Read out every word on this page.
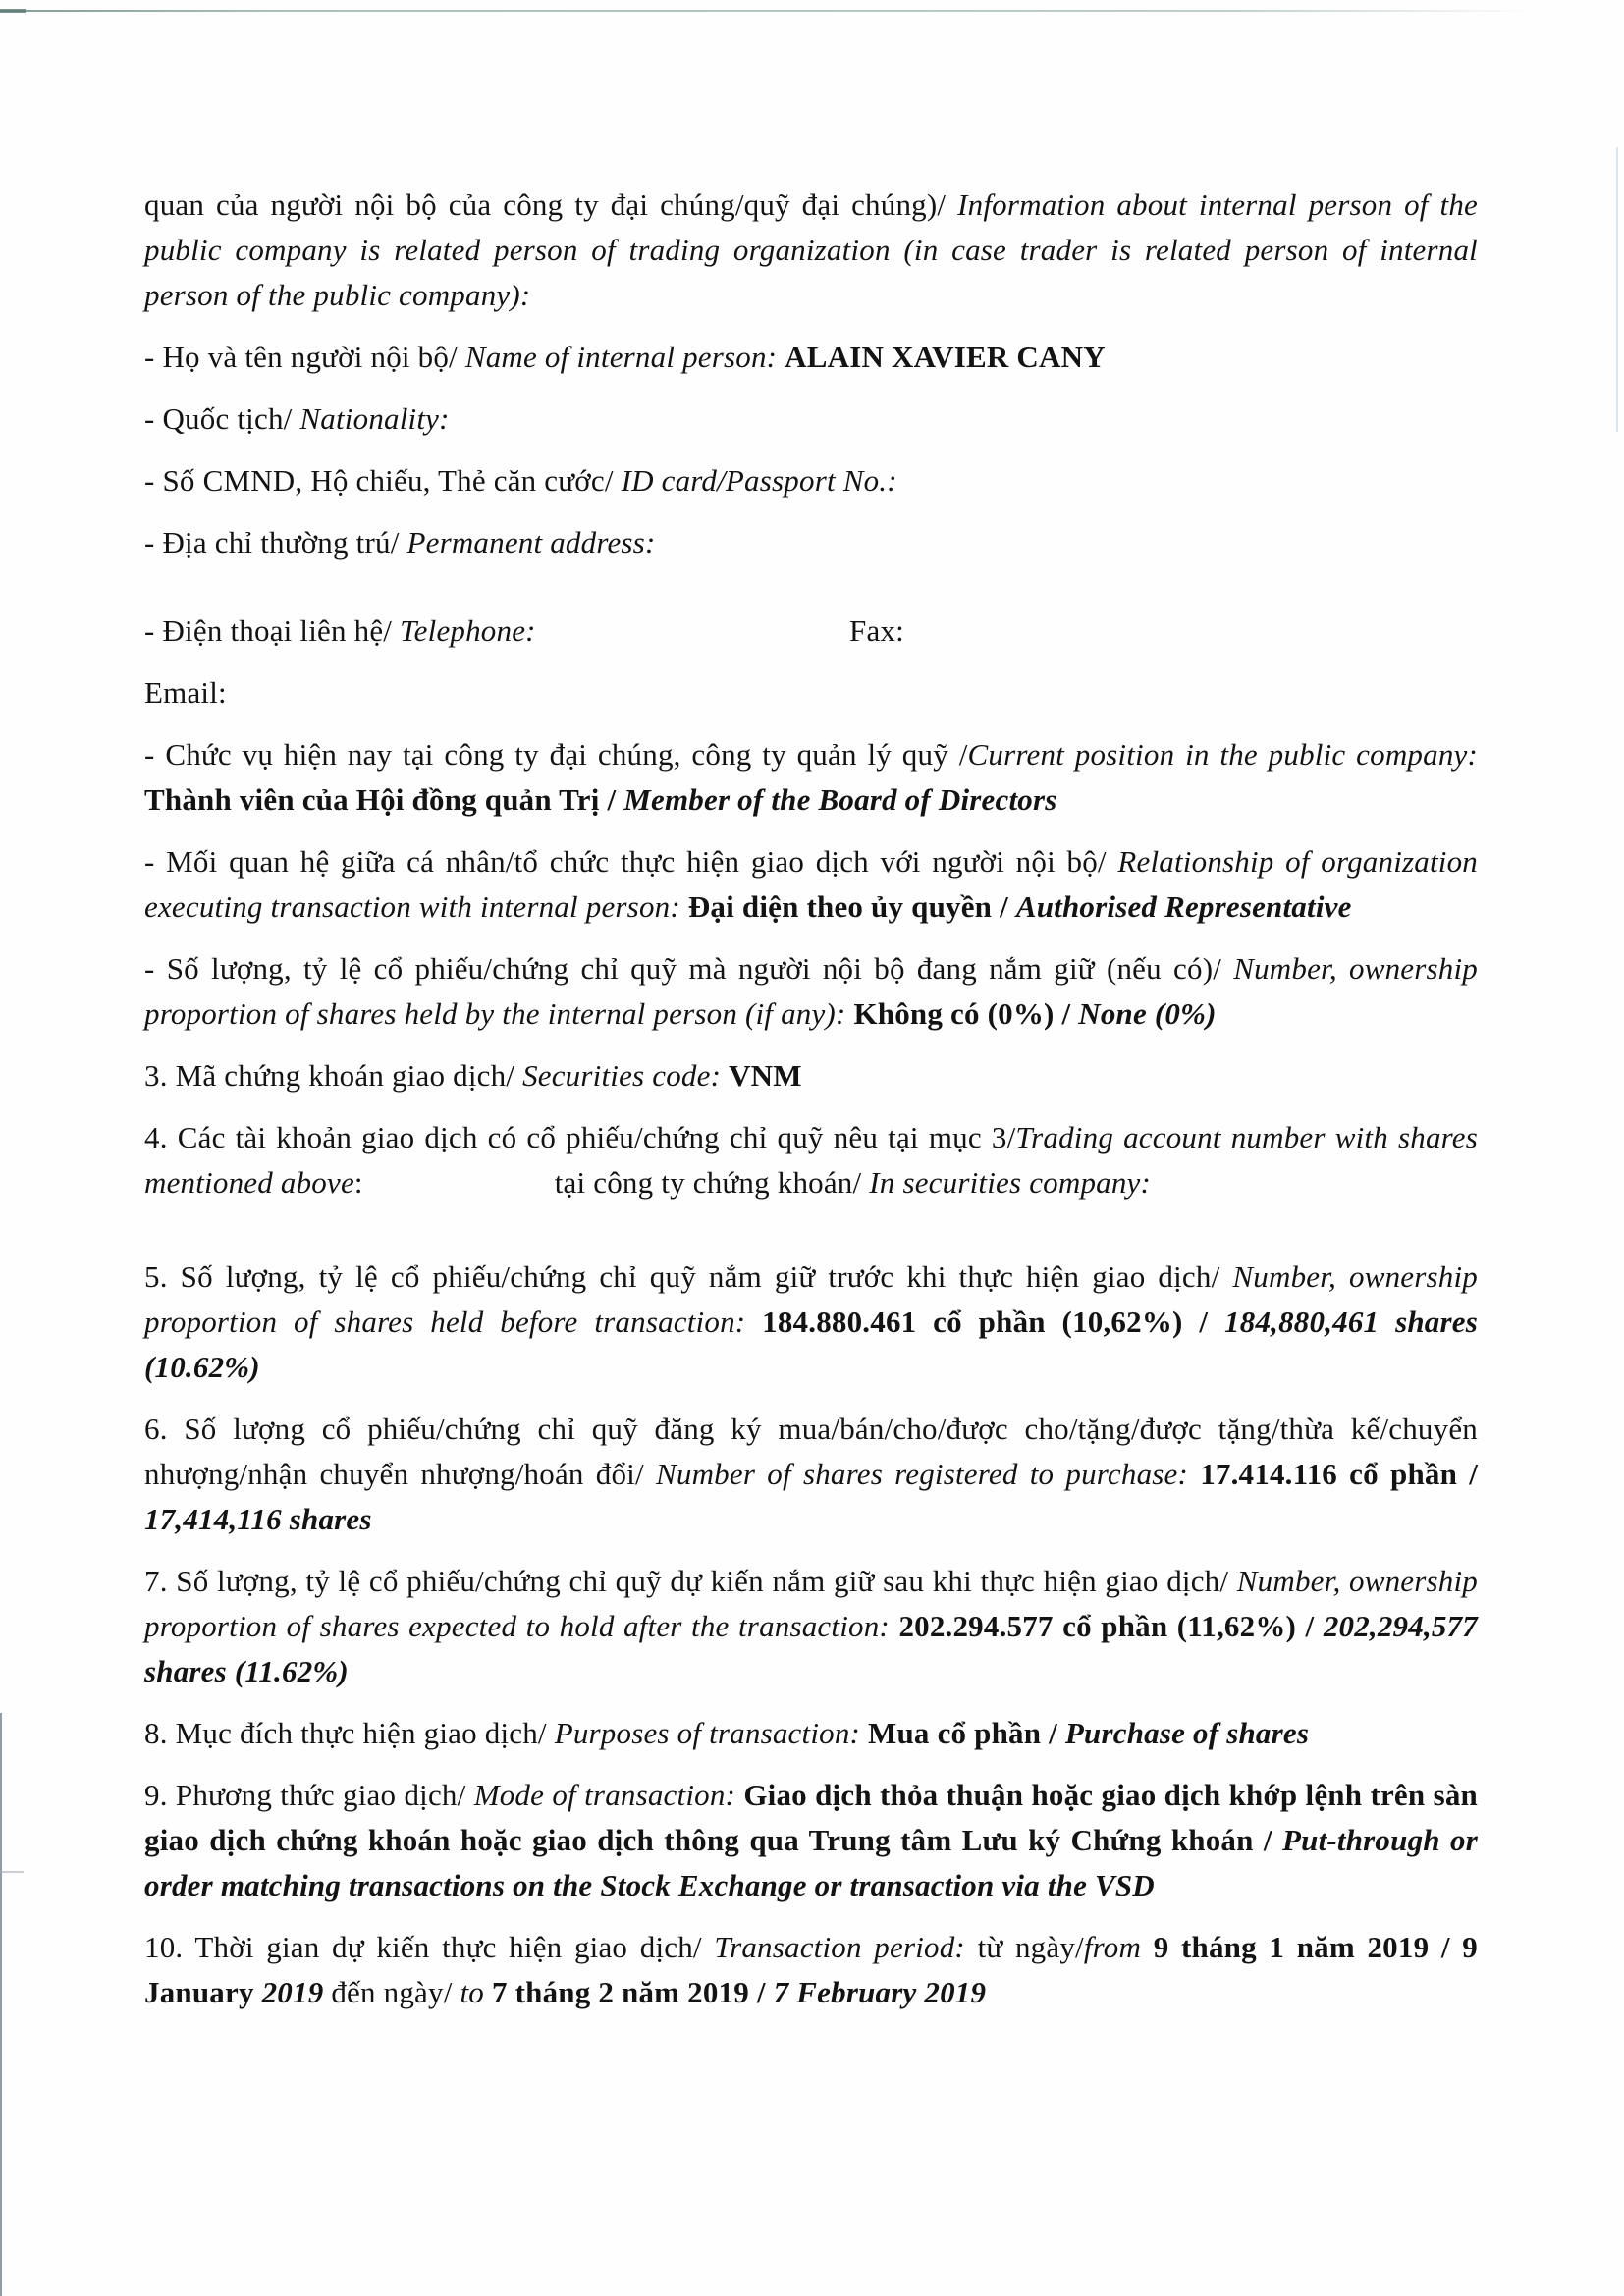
quan của người nội bộ của công ty đại chúng/quỹ đại chúng)/ Information about internal person of the public company is related person of trading organization (in case trader is related person of internal person of the public company):

- Họ và tên người nội bộ/ Name of internal person: ALAIN XAVIER CANY

- Quốc tịch/ Nationality:

- Số CMND, Hộ chiếu, Thẻ căn cước/ ID card/Passport No.:

- Địa chỉ thường trú/ Permanent address:

- Điện thoại liên hệ/ Telephone:	Fax:

Email:

- Chức vụ hiện nay tại công ty đại chúng, công ty quản lý quỹ /Current position in the public company: Thành viên của Hội đồng quản Trị / Member of the Board of Directors

- Mối quan hệ giữa cá nhân/tổ chức thực hiện giao dịch với người nội bộ/ Relationship of organization executing transaction with internal person: Đại diện theo ủy quyền / Authorised Representative

- Số lượng, tỷ lệ cổ phiếu/chứng chỉ quỹ mà người nội bộ đang nắm giữ (nếu có)/ Number, ownership proportion of shares held by the internal person (if any): Không có (0%) / None (0%)

3. Mã chứng khoán giao dịch/ Securities code: VNM

4. Các tài khoản giao dịch có cổ phiếu/chứng chỉ quỹ nêu tại mục 3/Trading account number with shares mentioned above:	tại công ty chứng khoán/ In securities company:

5. Số lượng, tỷ lệ cổ phiếu/chứng chỉ quỹ nắm giữ trước khi thực hiện giao dịch/ Number, ownership proportion of shares held before transaction: 184.880.461 cổ phần (10,62%) / 184,880,461 shares (10.62%)

6. Số lượng cổ phiếu/chứng chỉ quỹ đăng ký mua/bán/cho/được cho/tặng/được tặng/thừa kế/chuyển nhượng/nhận chuyển nhượng/hoán đổi/ Number of shares registered to purchase: 17.414.116 cổ phần / 17,414,116 shares

7. Số lượng, tỷ lệ cổ phiếu/chứng chỉ quỹ dự kiến nắm giữ sau khi thực hiện giao dịch/ Number, ownership proportion of shares expected to hold after the transaction: 202.294.577 cổ phần (11,62%) / 202,294,577 shares (11.62%)

8. Mục đích thực hiện giao dịch/ Purposes of transaction: Mua cổ phần / Purchase of shares

9. Phương thức giao dịch/ Mode of transaction: Giao dịch thỏa thuận hoặc giao dịch khớp lệnh trên sàn giao dịch chứng khoán hoặc giao dịch thông qua Trung tâm Lưu ký Chứng khoán / Put-through or order matching transactions on the Stock Exchange or transaction via the VSD

10. Thời gian dự kiến thực hiện giao dịch/ Transaction period: từ ngày/from 9 tháng 1 năm 2019 / 9 January 2019 đến ngày/ to 7 tháng 2 năm 2019 / 7 February 2019
